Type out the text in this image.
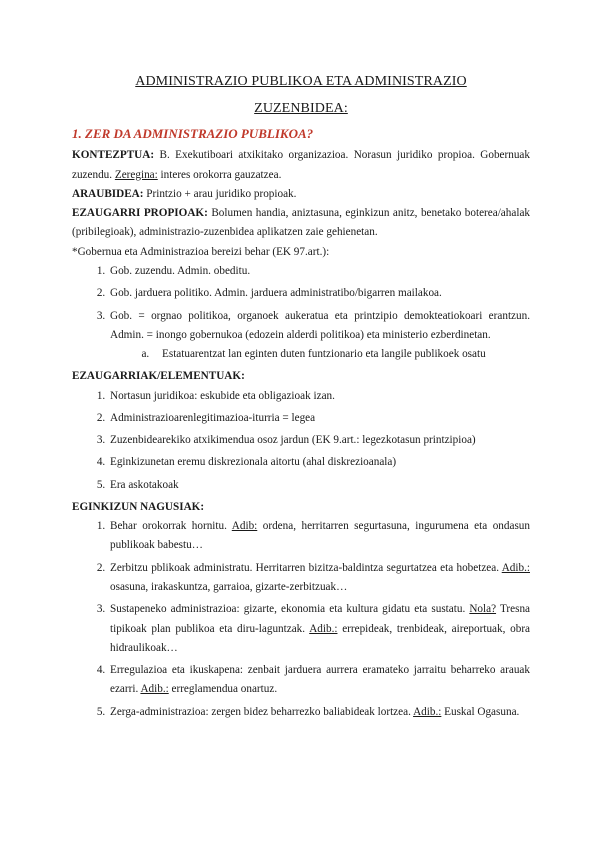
ADMINISTRAZIO PUBLIKOA ETA ADMINISTRAZIO
ZUZENBIDEA:
1. ZER DA ADMINISTRAZIO PUBLIKOA?

KONTEZPTUA: B. Exekutiboari atxikitako organizazioa. Norasun juridiko propioa. Gobernuak zuzendu. Zeregina: interes orokorra gauzatzea.

ARAUBIDEA: Printzio + arau juridiko propioak.

EZAUGARRI PROPIOAK: Bolumen handia, aniztasuna, eginkizun anitz, benetako boterea/ahalak (pribilegioak), administrazio-zuzenbidea aplikatzen zaie gehienetan.

*Gobernua eta Administrazioa bereizi behar (EK 97.art.):

1. Gob. zuzendu. Admin. obeditu.
2. Gob. jarduera politiko. Admin. jarduera administratibo/bigarren mailakoa.
3. Gob. = orgnao politikoa, organoek aukeratua eta printzipio demokteatiokoari erantzun. Admin. = inongo gobernukoa (edozein alderdi politikoa) eta ministerio ezberdinetan.
a. Estatuarentzat lan eginten duten funtzionario eta langile publikoek osatu

EZAUGARRIAK/ELEMENTUAK:

1. Nortasun juridikoa: eskubide eta obligazioak izan.
2. Administrazioarenlegitimazioa-iturria = legea
3. Zuzenbidearekiko atxikimendua osoz jardun (EK 9.art.: legezkotasun printzipioa)
4. Eginkizunetan eremu diskrezionala aitortu (ahal diskrezioanala)
5. Era askotakoak

EGINKIZUN NAGUSIAK:

1. Behar orokorrak hornitu. Adib: ordena, herritarren segurtasuna, ingurumena eta ondasun publikoak babestu…
2. Zerbitzu pblikoak administratu. Herritarren bizitza-baldintza segurtatzea eta hobetzea. Adib.: osasuna, irakaskuntza, garraioa, gizarte-zerbitzuak…
3. Sustapeneko administrazioa: gizarte, ekonomia eta kultura gidatu eta sustatu. Nola? Tresna tipikoak plan publikoa eta diru-laguntzak. Adib.: errepideak, trenbideak, aireportuak, obra hidraulikoak…
4. Erregulazioa eta ikuskapena: zenbait jarduera aurrera eramateko jarraitu beharreko arauak ezarri. Adib.: erreglamendua onartuz.
5. Zerga-administrazioa: zergen bidez beharrezko baliabideak lortzea. Adib.: Euskal Ogasuna.
